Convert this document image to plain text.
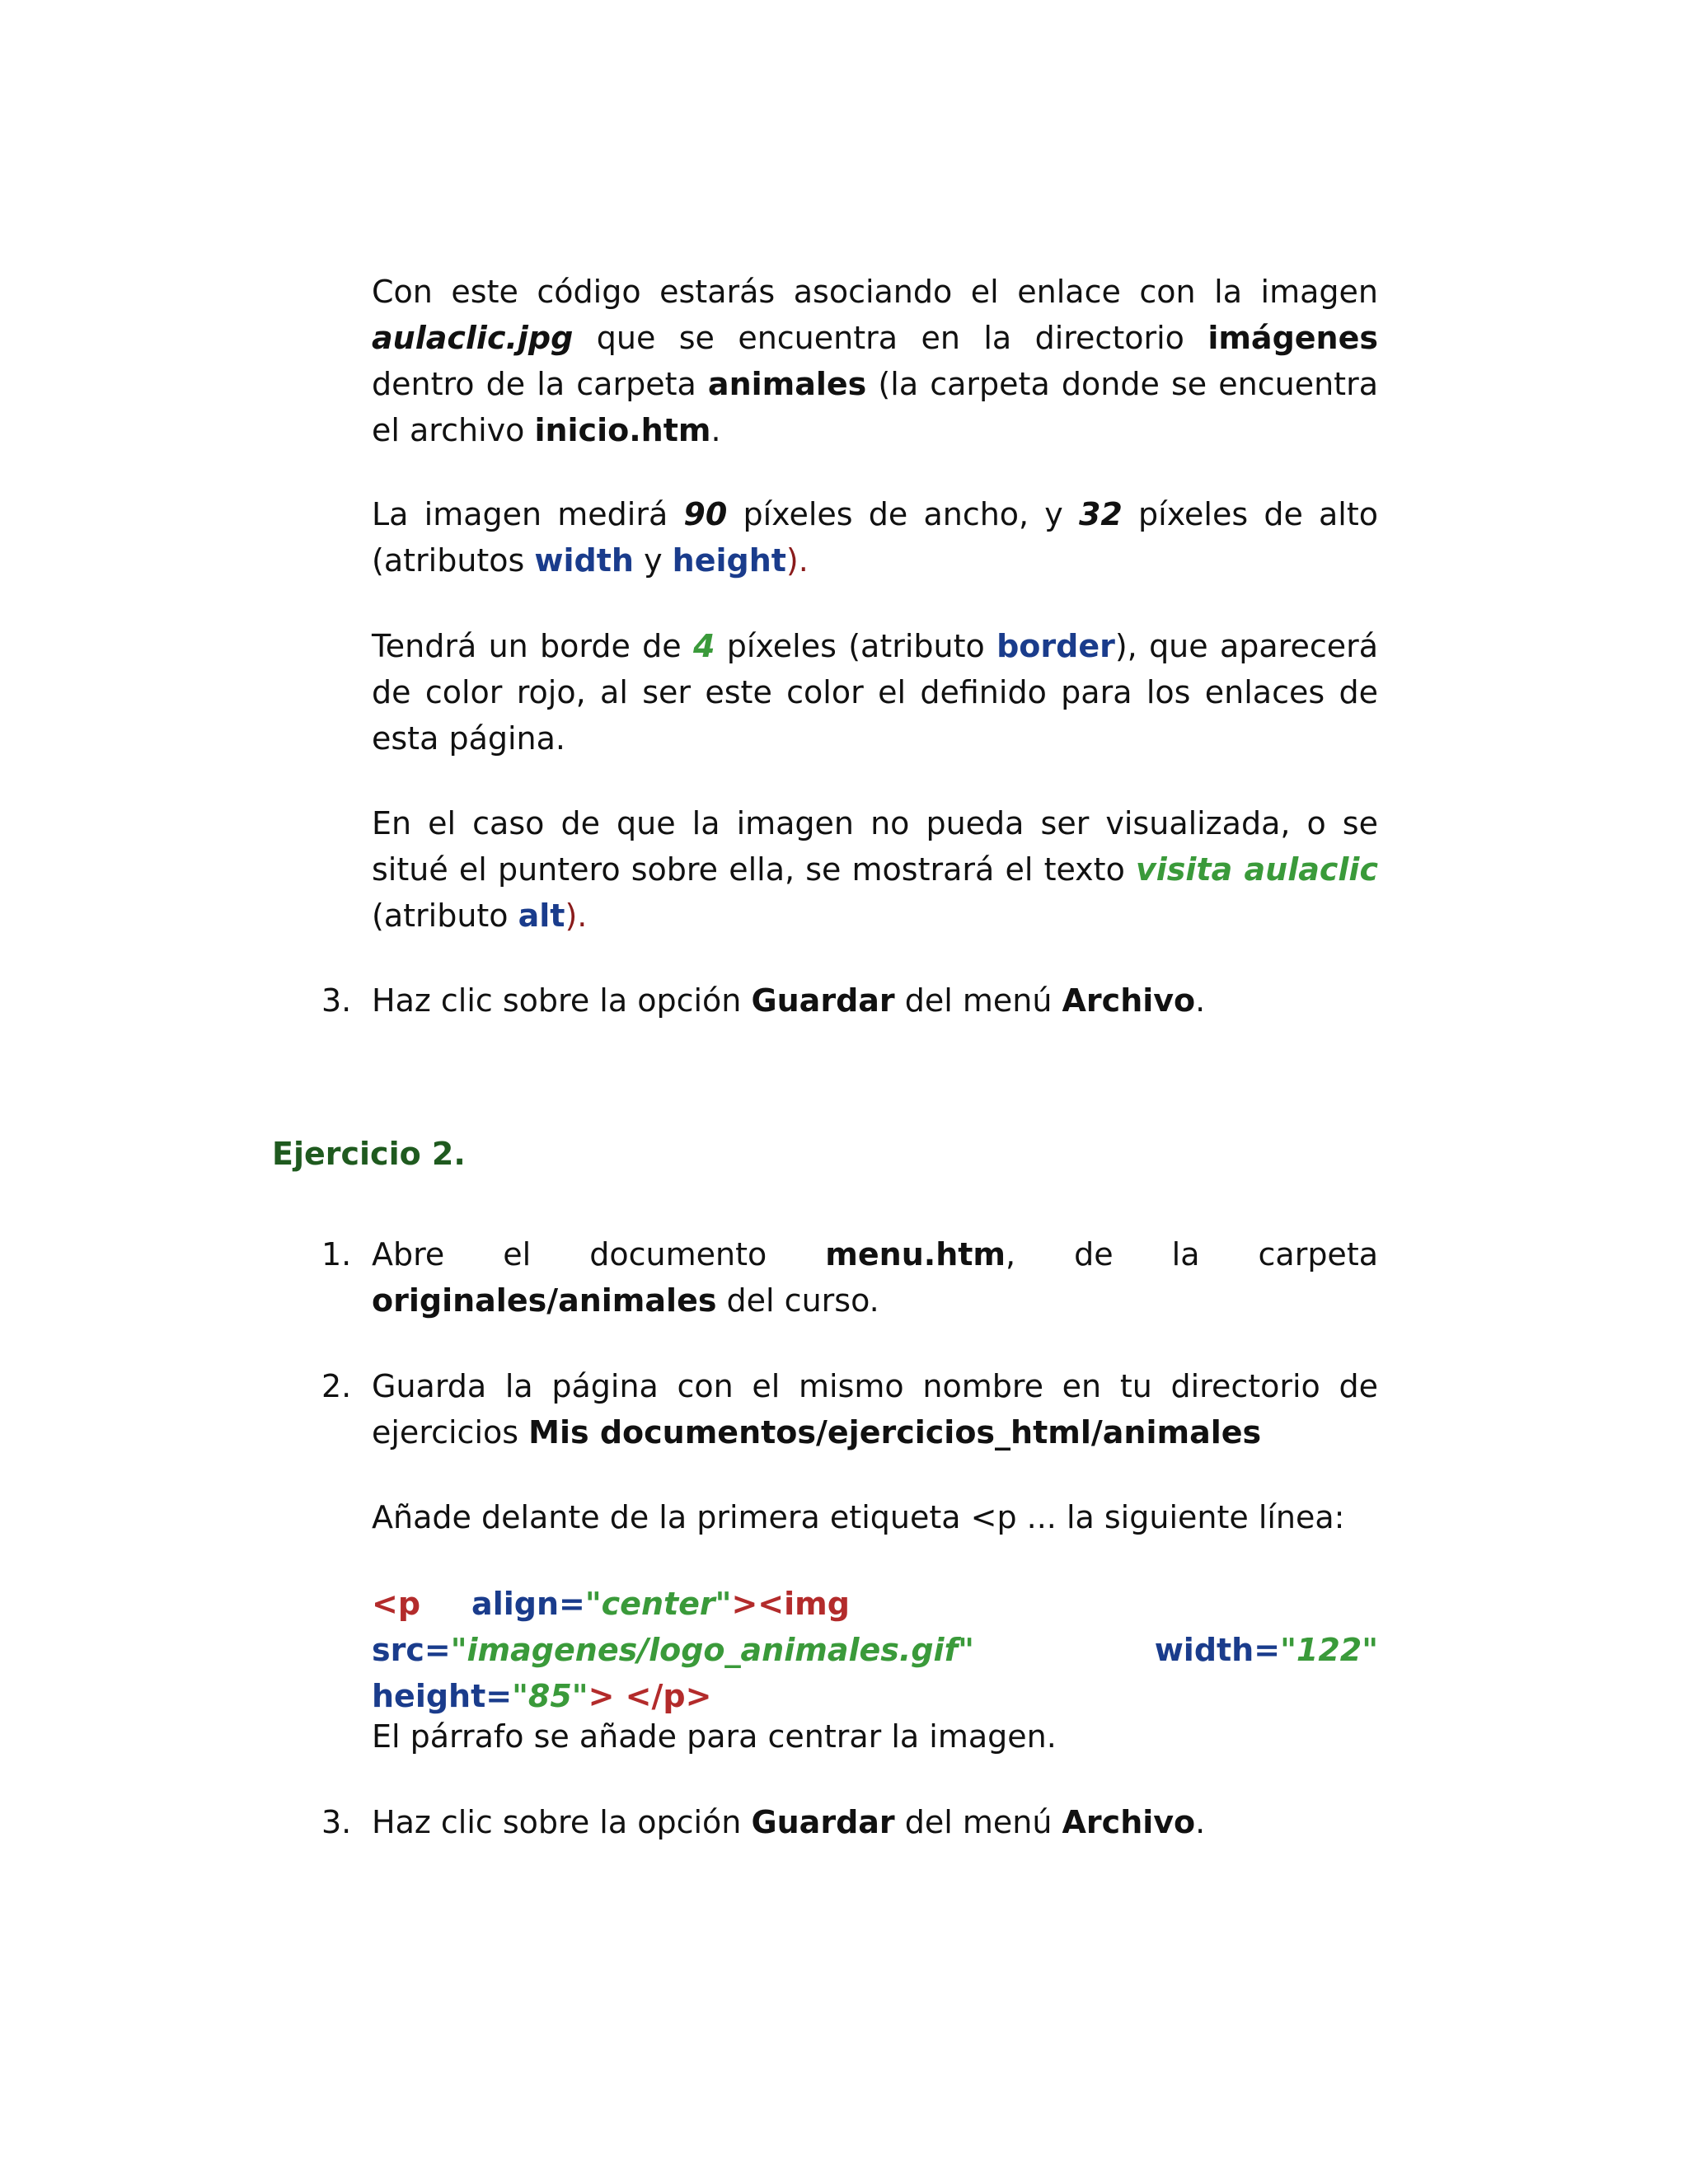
Con este código estarás asociando el enlace con la imagen aulaclic.jpg que se encuentra en la directorio imágenes dentro de la carpeta animales (la carpeta donde se encuentra el archivo inicio.htm.

La imagen medirá 90 píxeles de ancho, y 32 píxeles de alto (atributos width y height).

Tendrá un borde de 4 píxeles (atributo border), que aparecerá de color rojo, al ser este color el definido para los enlaces de esta página.

En el caso de que la imagen no pueda ser visualizada, o se situé el puntero sobre ella, se mostrará el texto visita aulaclic (atributo alt).

3. Haz clic sobre la opción Guardar del menú Archivo.

Ejercicio 2.
1. Abre el documento menu.htm, de la carpeta originales/animales del curso.

2. Guarda la página con el mismo nombre en tu directorio de ejercicios Mis documentos/ejercicios_html/animales

Añade delante de la primera etiqueta <p ... la siguiente línea:

<p align="center"><imgsrc="imagenes/logo_animales.gif"	width="122" height="85"> </p>

El párrafo se añade para centrar la imagen.

3. Haz clic sobre la opción Guardar del menú Archivo.
